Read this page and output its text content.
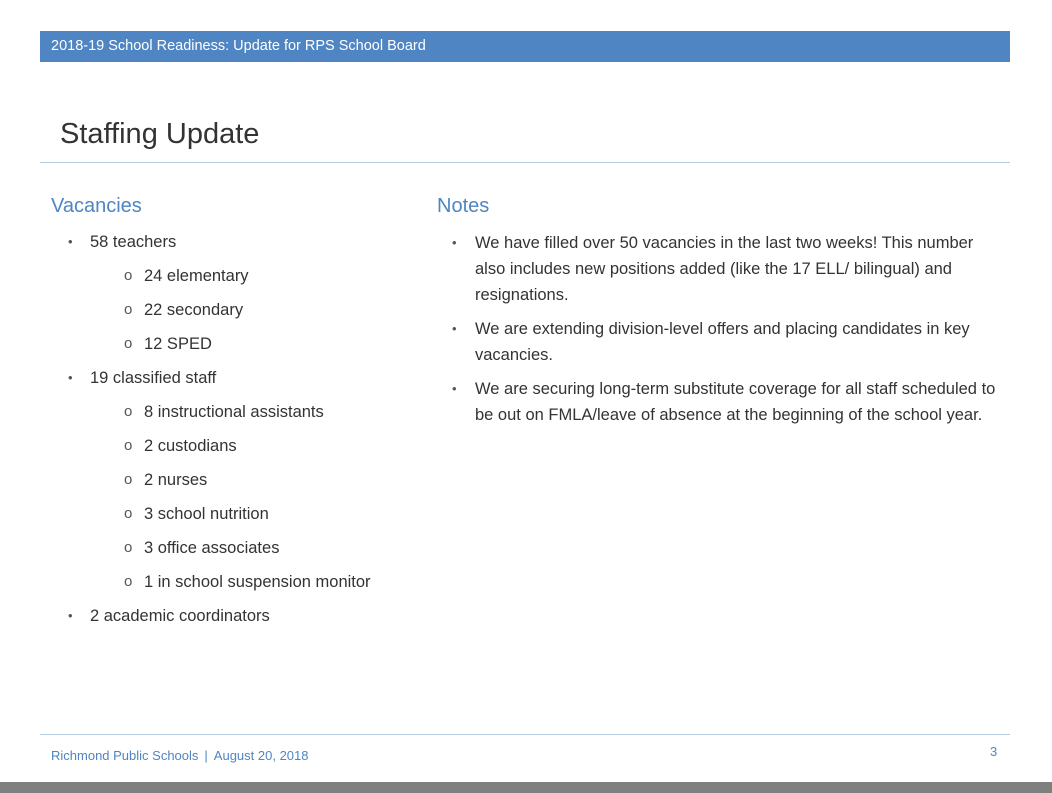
2018-19 School Readiness: Update for RPS School Board
Staffing Update
Vacancies	Notes
• 58 teachers
o 24 elementary
o 22 secondary
o 12 SPED
• 19 classified staff
o 8 instructional assistants
o 2 custodians
o 2 nurses
o 3 school nutrition
o 3 office associates
o 1 in school suspension monitor
• 2 academic coordinators
• We have filled over 50 vacancies in the last two weeks! This number also includes new positions added (like the 17 ELL/ bilingual) and resignations.
• We are extending division-level offers and placing candidates in key vacancies.
• We are securing long-term substitute coverage for all staff scheduled to be out on FMLA/leave of absence at the beginning of the school year.
Richmond Public Schools | August 20, 2018	3
